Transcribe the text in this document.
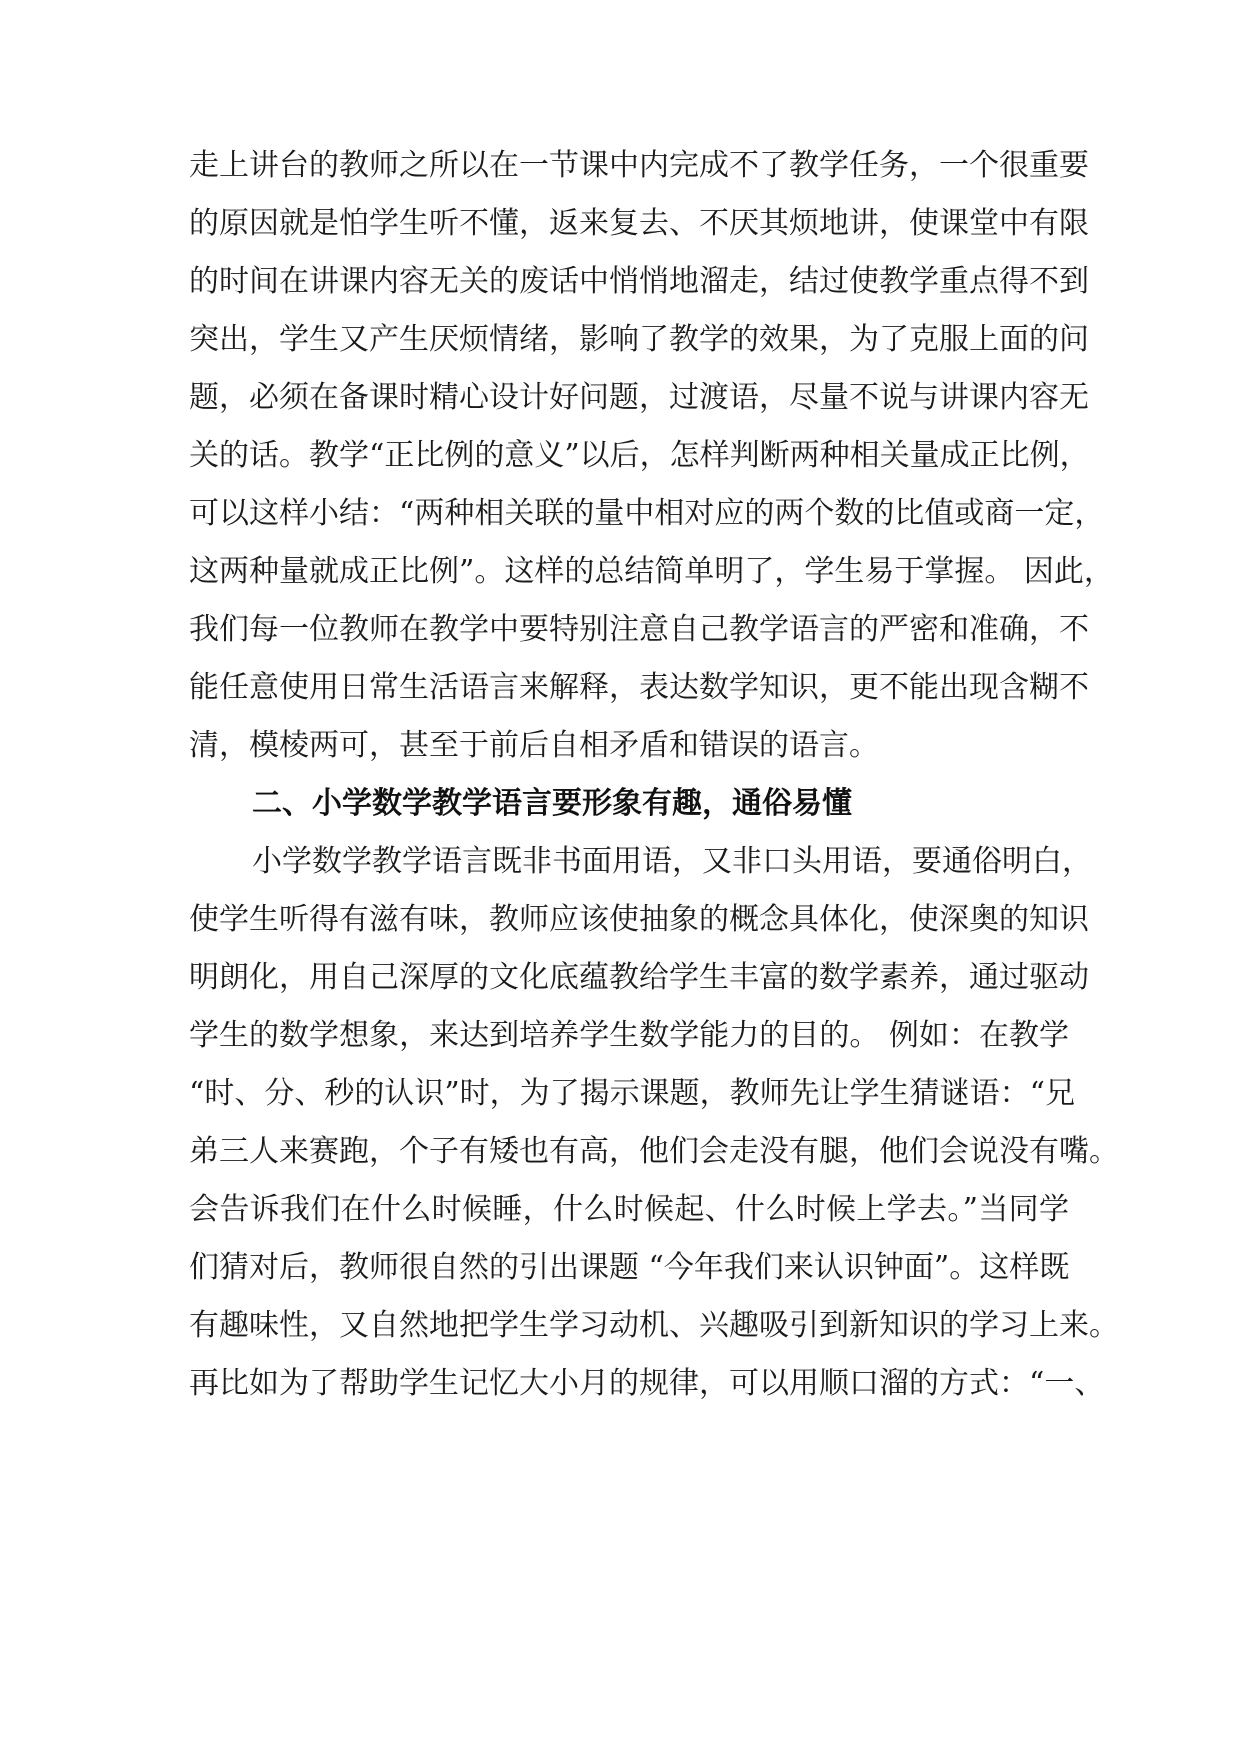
走上讲台的教师之所以在一节课中内完成不了教学任务，一个很重要
的原因就是怕学生听不懂，返来复去、不厌其烦地讲，使课堂中有限
的时间在讲课内容无关的废话中悄悄地溜走，结过使教学重点得不到
突出，学生又产生厌烦情绪，影响了教学的效果，为了克服上面的问
题，必须在备课时精心设计好问题，过渡语，尽量不说与讲课内容无
关的话。教学“正比例的意义”以后，怎样判断两种相关量成正比例，
可以这样小结：“两种相关联的量中相对应的两个数的比值或商一定，
这两种量就成正比例”。这样的总结简单明了，学生易于掌握。 因此，
我们每一位教师在教学中要特别注意自己教学语言的严密和准确，不
能任意使用日常生活语言来解释，表达数学知识，更不能出现含糊不
清，模棱两可，甚至于前后自相矛盾和错误的语言。
二、小学数学教学语言要形象有趣，通俗易懂
小学数学教学语言既非书面用语，又非口头用语，要通俗明白，
使学生听得有滋有味，教师应该使抽象的概念具体化，使深奥的知识
明朗化，用自己深厚的文化底蕴教给学生丰富的数学素养，通过驱动
学生的数学想象，来达到培养学生数学能力的目的。 例如：在教学
“时、分、秒的认识”时，为了揭示课题，教师先让学生猜谜语：“兄
弟三人来赛跑，个子有矮也有高，他们会走没有腿，他们会说没有嘴。
会告诉我们在什么时候睡，什么时候起、什么时候上学去。”当同学
们猜对后，教师很自然的引出课题 “今年我们来认识钟面”。这样既
有趣味性，又自然地把学生学习动机、兴趣吸引到新知识的学习上来。
再比如为了帮助学生记忆大小月的规律，可以用顺口溜的方式：“一、
